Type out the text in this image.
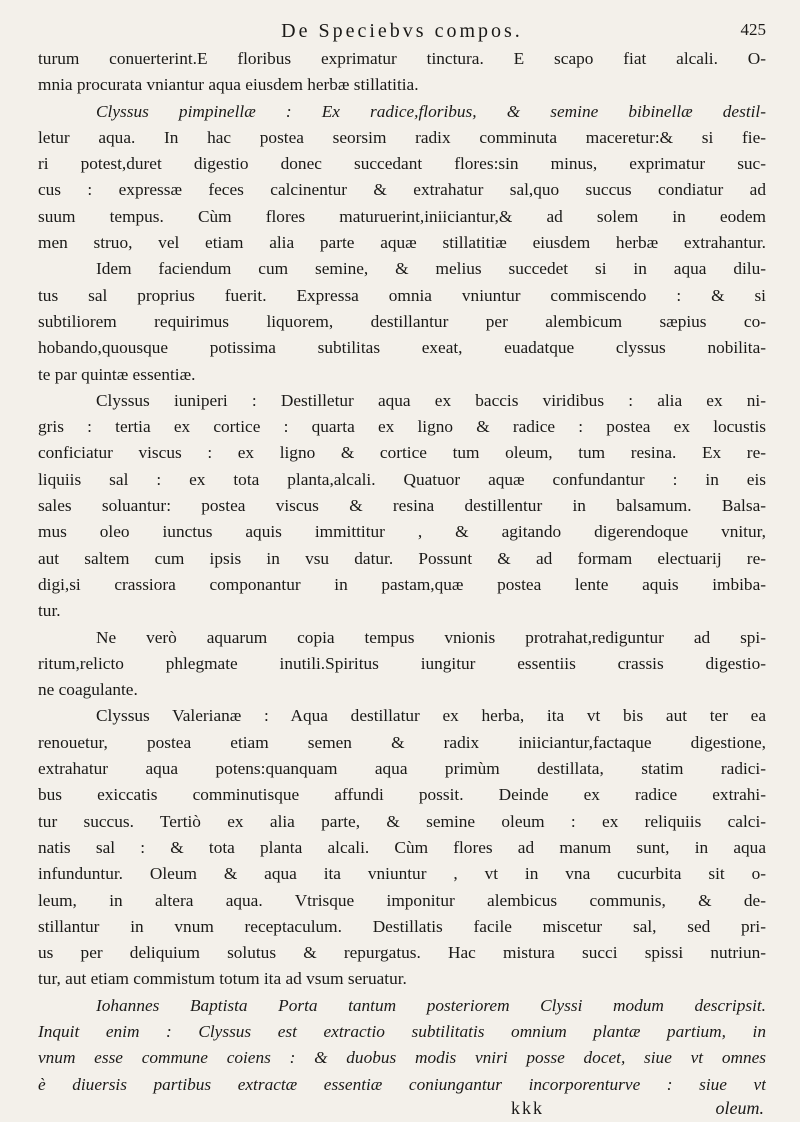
De Speciebvs compos.	425

turum conuerterint.E floribus exprimatur tinctura. E scapo fiat alcali. O-
mnia procurata vniantur aqua eiusdem herbæ stillatitia.

Clyssus pimpinellæ : Ex radice,floribus, & semine bibinellæ destil-
letur aqua. In hac postea seorsim radix comminuta maceretur:& si fie-
ri potest,duret digestio donec succedant flores:sin minus, exprimatur suc-
cus : expressæ feces calcinentur & extrahatur sal,quo succus condiatur ad
suum tempus. Cùm flores maturuerint,iniiciantur,& ad solem in eodem
men struo, vel etiam alia parte aquæ stillatitiæ eiusdem herbæ extrahantur.
Idem faciendum cum semine, & melius succedet si in aqua dilu-
tus sal proprius fuerit. Expressa omnia vniuntur commiscendo : & si
subtiliorem requirimus liquorem, destillantur per alembicum sæpius co-
hobando,quousque potissima subtilitas exeat, euadatque clyssus nobilita-
te par quintæ essentiæ.

Clyssus iuniperi : Destilletur aqua ex baccis viridibus : alia ex ni-
gris : tertia ex cortice : quarta ex ligno & radice : postea ex locustis
conficiatur viscus : ex ligno & cortice tum oleum, tum resina. Ex re-
liquiis sal : ex tota planta,alcali. Quatuor aquæ confundantur : in eis
sales soluantur: postea viscus & resina destillentur in balsamum. Balsa-
mus oleo iunctus aquis immittitur , & agitando digerendoque vnitur,
aut saltem cum ipsis in vsu datur. Possunt & ad formam electuarij re-
digi,si crassiora componantur in pastam,quæ postea lente aquis imbiba-
tur.

Ne verò aquarum copia tempus vnionis protrahat,rediguntur ad spi-
ritum,relicto phlegmate inutili.Spiritus iungitur essentiis crassis digestio-
ne coagulante.

Clyssus Valerianæ : Aqua destillatur ex herba, ita vt bis aut ter ea
renouetur, postea etiam semen & radix iniiciantur,factaque digestione,
extrahatur aqua potens:quanquam aqua primùm destillata, statim radici-
bus exiccatis comminutisque affundi possit. Deinde ex radice extrahi-
tur succus. Tertiò ex alia parte, & semine oleum : ex reliquiis calci-
natis sal : & tota planta alcali. Cùm flores ad manum sunt, in aqua
infunduntur. Oleum & aqua ita vniuntur , vt in vna cucurbita sit o-
leum, in altera aqua. Vtrisque imponitur alembicus communis, & de-
stillantur in vnum receptaculum. Destillatis facile miscetur sal, sed pri-
us per deliquium solutus & repurgatus. Hac mistura succi spissi nutriun-
tur, aut etiam commistum totum ita ad vsum seruatur.

Iohannes Baptista Porta tantum posteriorem Clyssi modum descripsit.
Inquit enim : Clyssus est extractio subtilitatis omnium plantæ partium, in
vnum esse commune coiens : & duobus modis vniri posse docet, siue vt omnes
è diuersis partibus extractæ essentiæ coniungantur incorporenturve : siue vt

kkk	oleum.
